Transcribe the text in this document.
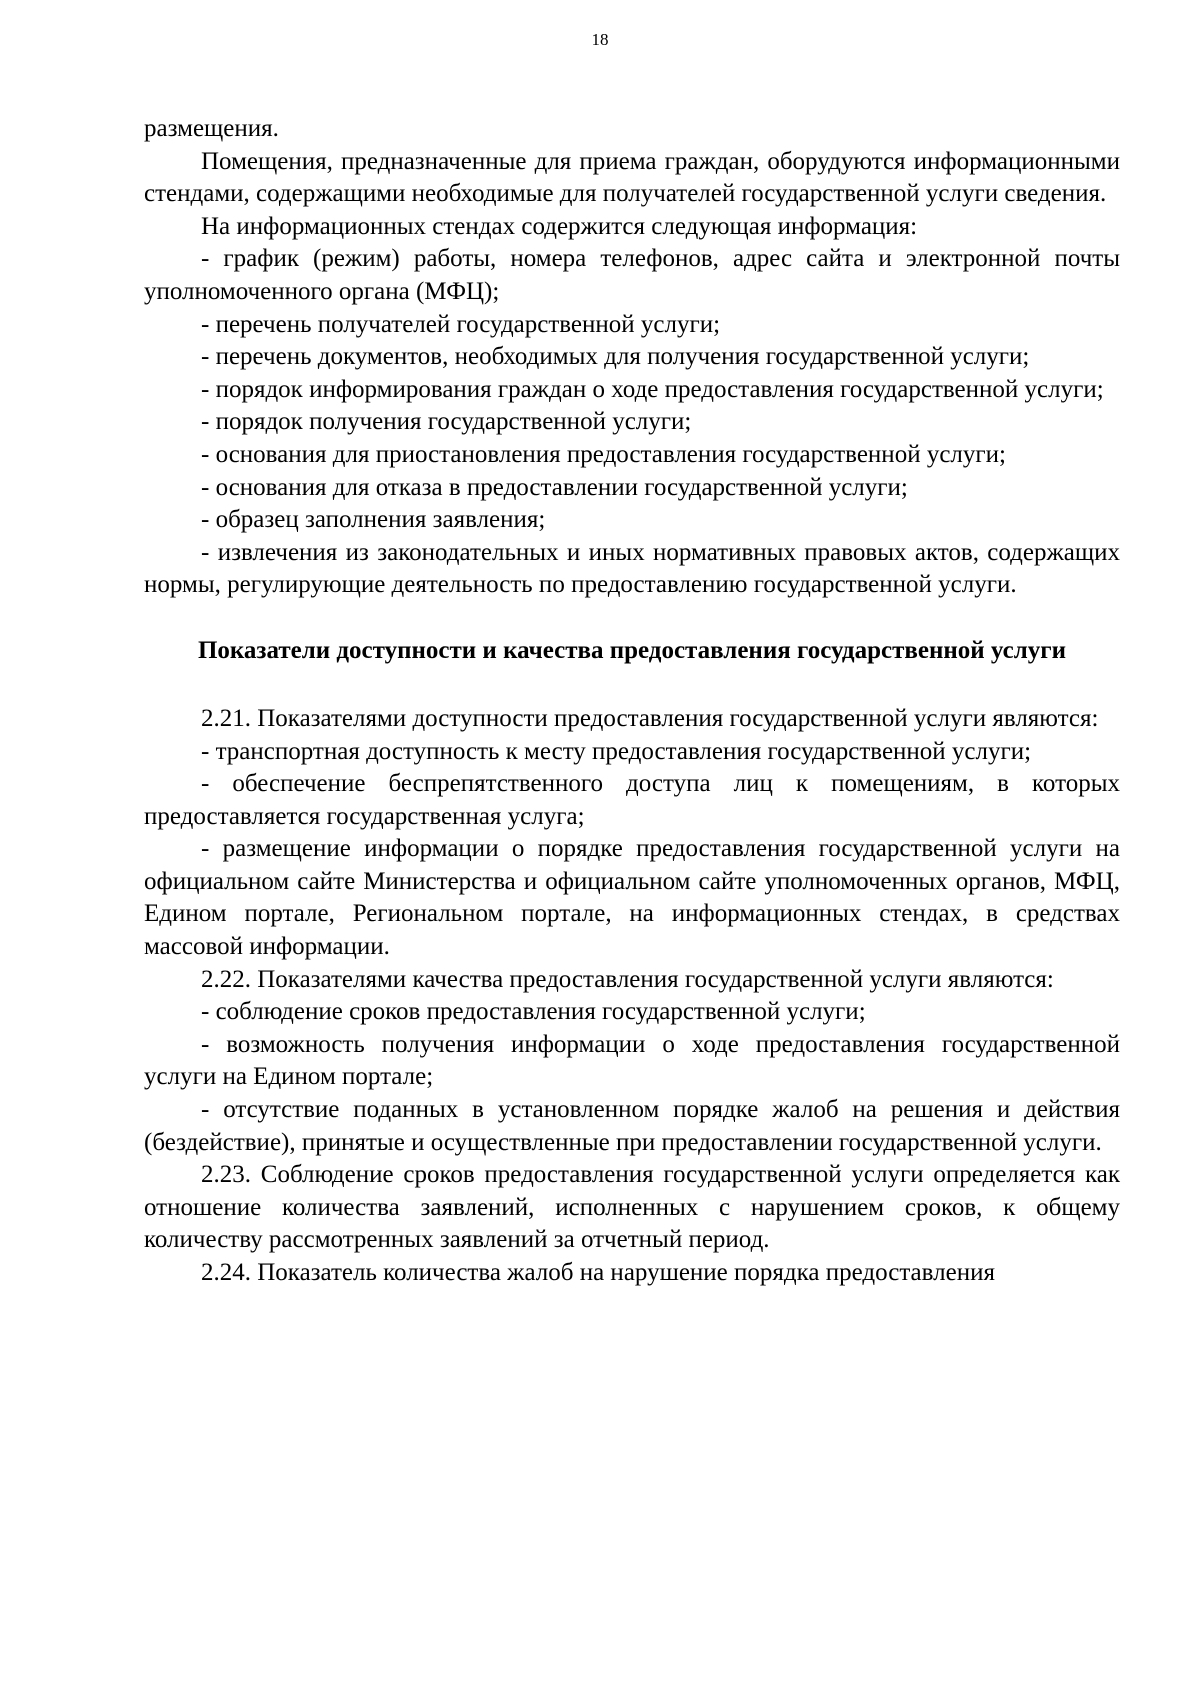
18

размещения.

Помещения, предназначенные для приема граждан, оборудуются информационными стендами, содержащими необходимые для получателей государственной услуги сведения.

На информационных стендах содержится следующая информация:

- график (режим) работы, номера телефонов, адрес сайта и электронной почты уполномоченного органа (МФЦ);

- перечень получателей государственной услуги;

- перечень документов, необходимых для получения государственной услуги;

- порядок информирования граждан о ходе предоставления государственной услуги;

- порядок получения государственной услуги;

- основания для приостановления предоставления государственной услуги;

- основания для отказа в предоставлении государственной услуги;

- образец заполнения заявления;

- извлечения из законодательных и иных нормативных правовых актов, содержащих нормы, регулирующие деятельность по предоставлению государственной услуги.

Показатели доступности и качества предоставления государственной услуги

2.21. Показателями доступности предоставления государственной услуги являются:

- транспортная доступность к месту предоставления государственной услуги;

- обеспечение беспрепятственного доступа лиц к помещениям, в которых предоставляется государственная услуга;

- размещение информации о порядке предоставления государственной услуги на официальном сайте Министерства и официальном сайте уполномоченных органов, МФЦ, Едином портале, Региональном портале, на информационных стендах, в средствах массовой информации.

2.22. Показателями качества предоставления государственной услуги являются:

- соблюдение сроков предоставления государственной услуги;

- возможность получения информации о ходе предоставления государственной услуги на Едином портале;

- отсутствие поданных в установленном порядке жалоб на решения и действия (бездействие), принятые и осуществленные при предоставлении государственной услуги.

2.23. Соблюдение сроков предоставления государственной услуги определяется как отношение количества заявлений, исполненных с нарушением сроков, к общему количеству рассмотренных заявлений за отчетный период.

2.24. Показатель количества жалоб на нарушение порядка предоставления
